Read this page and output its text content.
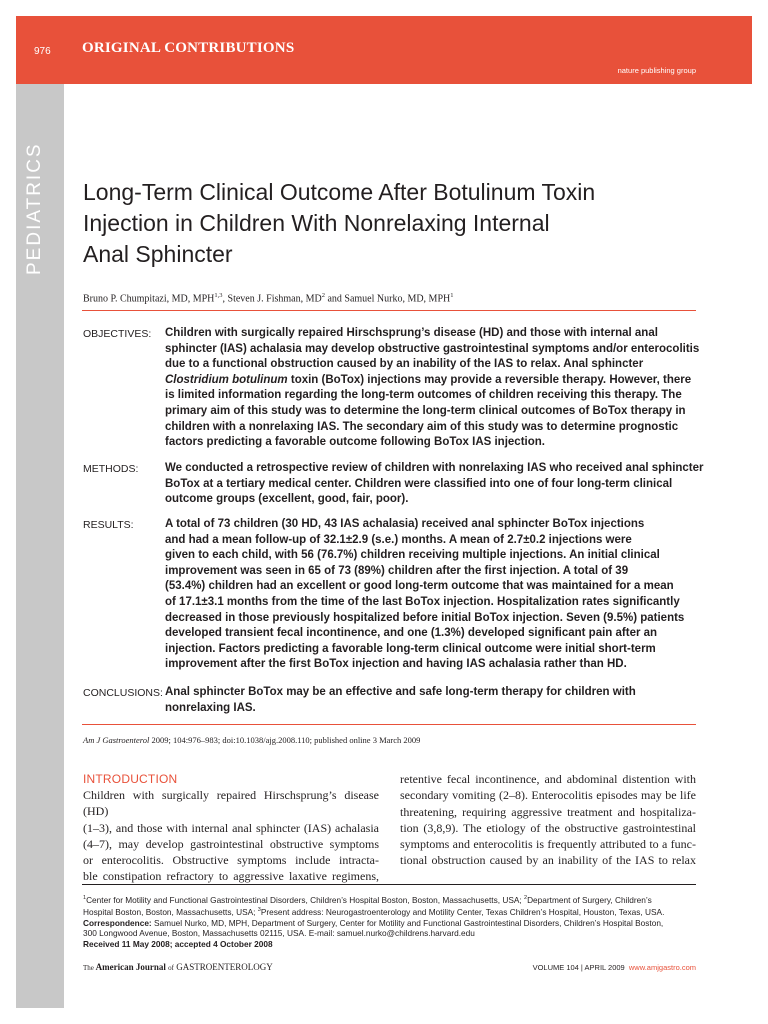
976 ORIGINAL CONTRIBUTIONS
nature publishing group
PEDIATRICS	Long-Term Clinical Outcome After Botulinum Toxin
Injection in Children With Nonrelaxing Internal
Anal Sphincter
Bruno P. Chumpitazi, MD, MPH$^{1,3}$, Steven J. Fishman, $MD^2$ and Samuel Nurko, MD, MPH$^1$
OBJECTIVES: Children with surgically repaired Hirschsprung’s disease (HD) and those with internal anal
sphincter (IAS) achalasia may develop obstructive gastrointestinal symptoms and/or enterocolitis
due to a functional obstruction caused by an inability of the IAS to relax. Anal sphincter
Clostridium botulinum toxin (BoTox) injections may provide a reversible therapy. However, there
is limited information regarding the long-term outcomes of children receiving this therapy. The
primary aim of this study was to determine the long-term clinical outcomes of BoTox therapy in
children with a nonrelaxing IAS. The secondary aim of this study was to determine prognostic
factors predicting a favorable outcome following BoTox IAS injection.
METHODS: We conducted a retrospective review of children with nonrelaxing IAS who received anal sphincter
BoTox at a tertiary medical center. Children were classified into one of four long-term clinical
outcome groups (excellent, good, fair, poor).
RESULTS:	A total of 73 children (30 HD, 43 IAS achalasia) received anal sphincter BoTox injections
and had a mean follow-up of 32.1±2.9 (s.e.) months. A mean of 2.7±0.2 injections were
given to each child, with 56 (76.7%) children receiving multiple injections. An initial clinical
improvement was seen in 65 of 73 (89%) children after the first injection. A total of 39
(53.4%) children had an excellent or good long-term outcome that was maintained for a mean
of 17.1±3.1 months from the time of the last BoTox injection. Hospitalization rates significantly
decreased in those previously hospitalized before initial BoTox injection. Seven (9.5%) patients
developed transient fecal incontinence, and one (1.3%) developed significant pain after an
injection. Factors predicting a favorable long-term clinical outcome were initial short-term
improvement after the first BoTox injection and having IAS achalasia rather than HD.
CONCLUSIONS: Anal sphincter BoTox may be an effective and safe long-term therapy for children with
nonrelaxing IAS.
Am J Gastroenterol 2009; 104:976–983; doi:10.1038/ajg.2008.110; published online 3 March 2009
INTRODUCTION
Children with surgically repaired Hirschsprung’s disease (HD)
(1–3), and those with internal anal sphincter (IAS) achalasia
(4–7), may develop gastrointestinal obstructive symptoms
or enterocolitis. Obstructive symptoms include intracta-
ble constipation refractory to aggressive laxative regimens,
retentive fecal incontinence, and abdominal distention with
secondary vomiting (2–8). Enterocolitis episodes may be life
threatening, requiring aggressive treatment and hospitaliza-
tion (3,8,9). The etiology of the obstructive gastrointestinal
symptoms and enterocolitis is frequently attributed to a func-
tional obstruction caused by an inability of the IAS to relax
$^1$Center for Motility and Functional Gastrointestinal Disorders, Children’s Hospital Boston, Boston, Massachusetts, USA; $^2$Department of Surgery, Children’s
Hospital Boston, Boston, Massachusetts, USA; $^3$Present address: Neurogastroenterology and Motility Center, Texas Children’s Hospital, Houston, Texas, USA.
Correspondence: Samuel Nurko, MD, MPH, Department of Surgery, Center for Motility and Functional Gastrointestinal Disorders, Children’s Hospital Boston,
300 Longwood Avenue, Boston, Massachusetts 02115, USA. E-mail: samuel.nurko@childrens.harvard.edu
Received 11 May 2008; accepted 4 October 2008
The American Journal of GASTROENTEROLOGY	VOLUME 104 | APRIL 2009 www.amjgastro.com
